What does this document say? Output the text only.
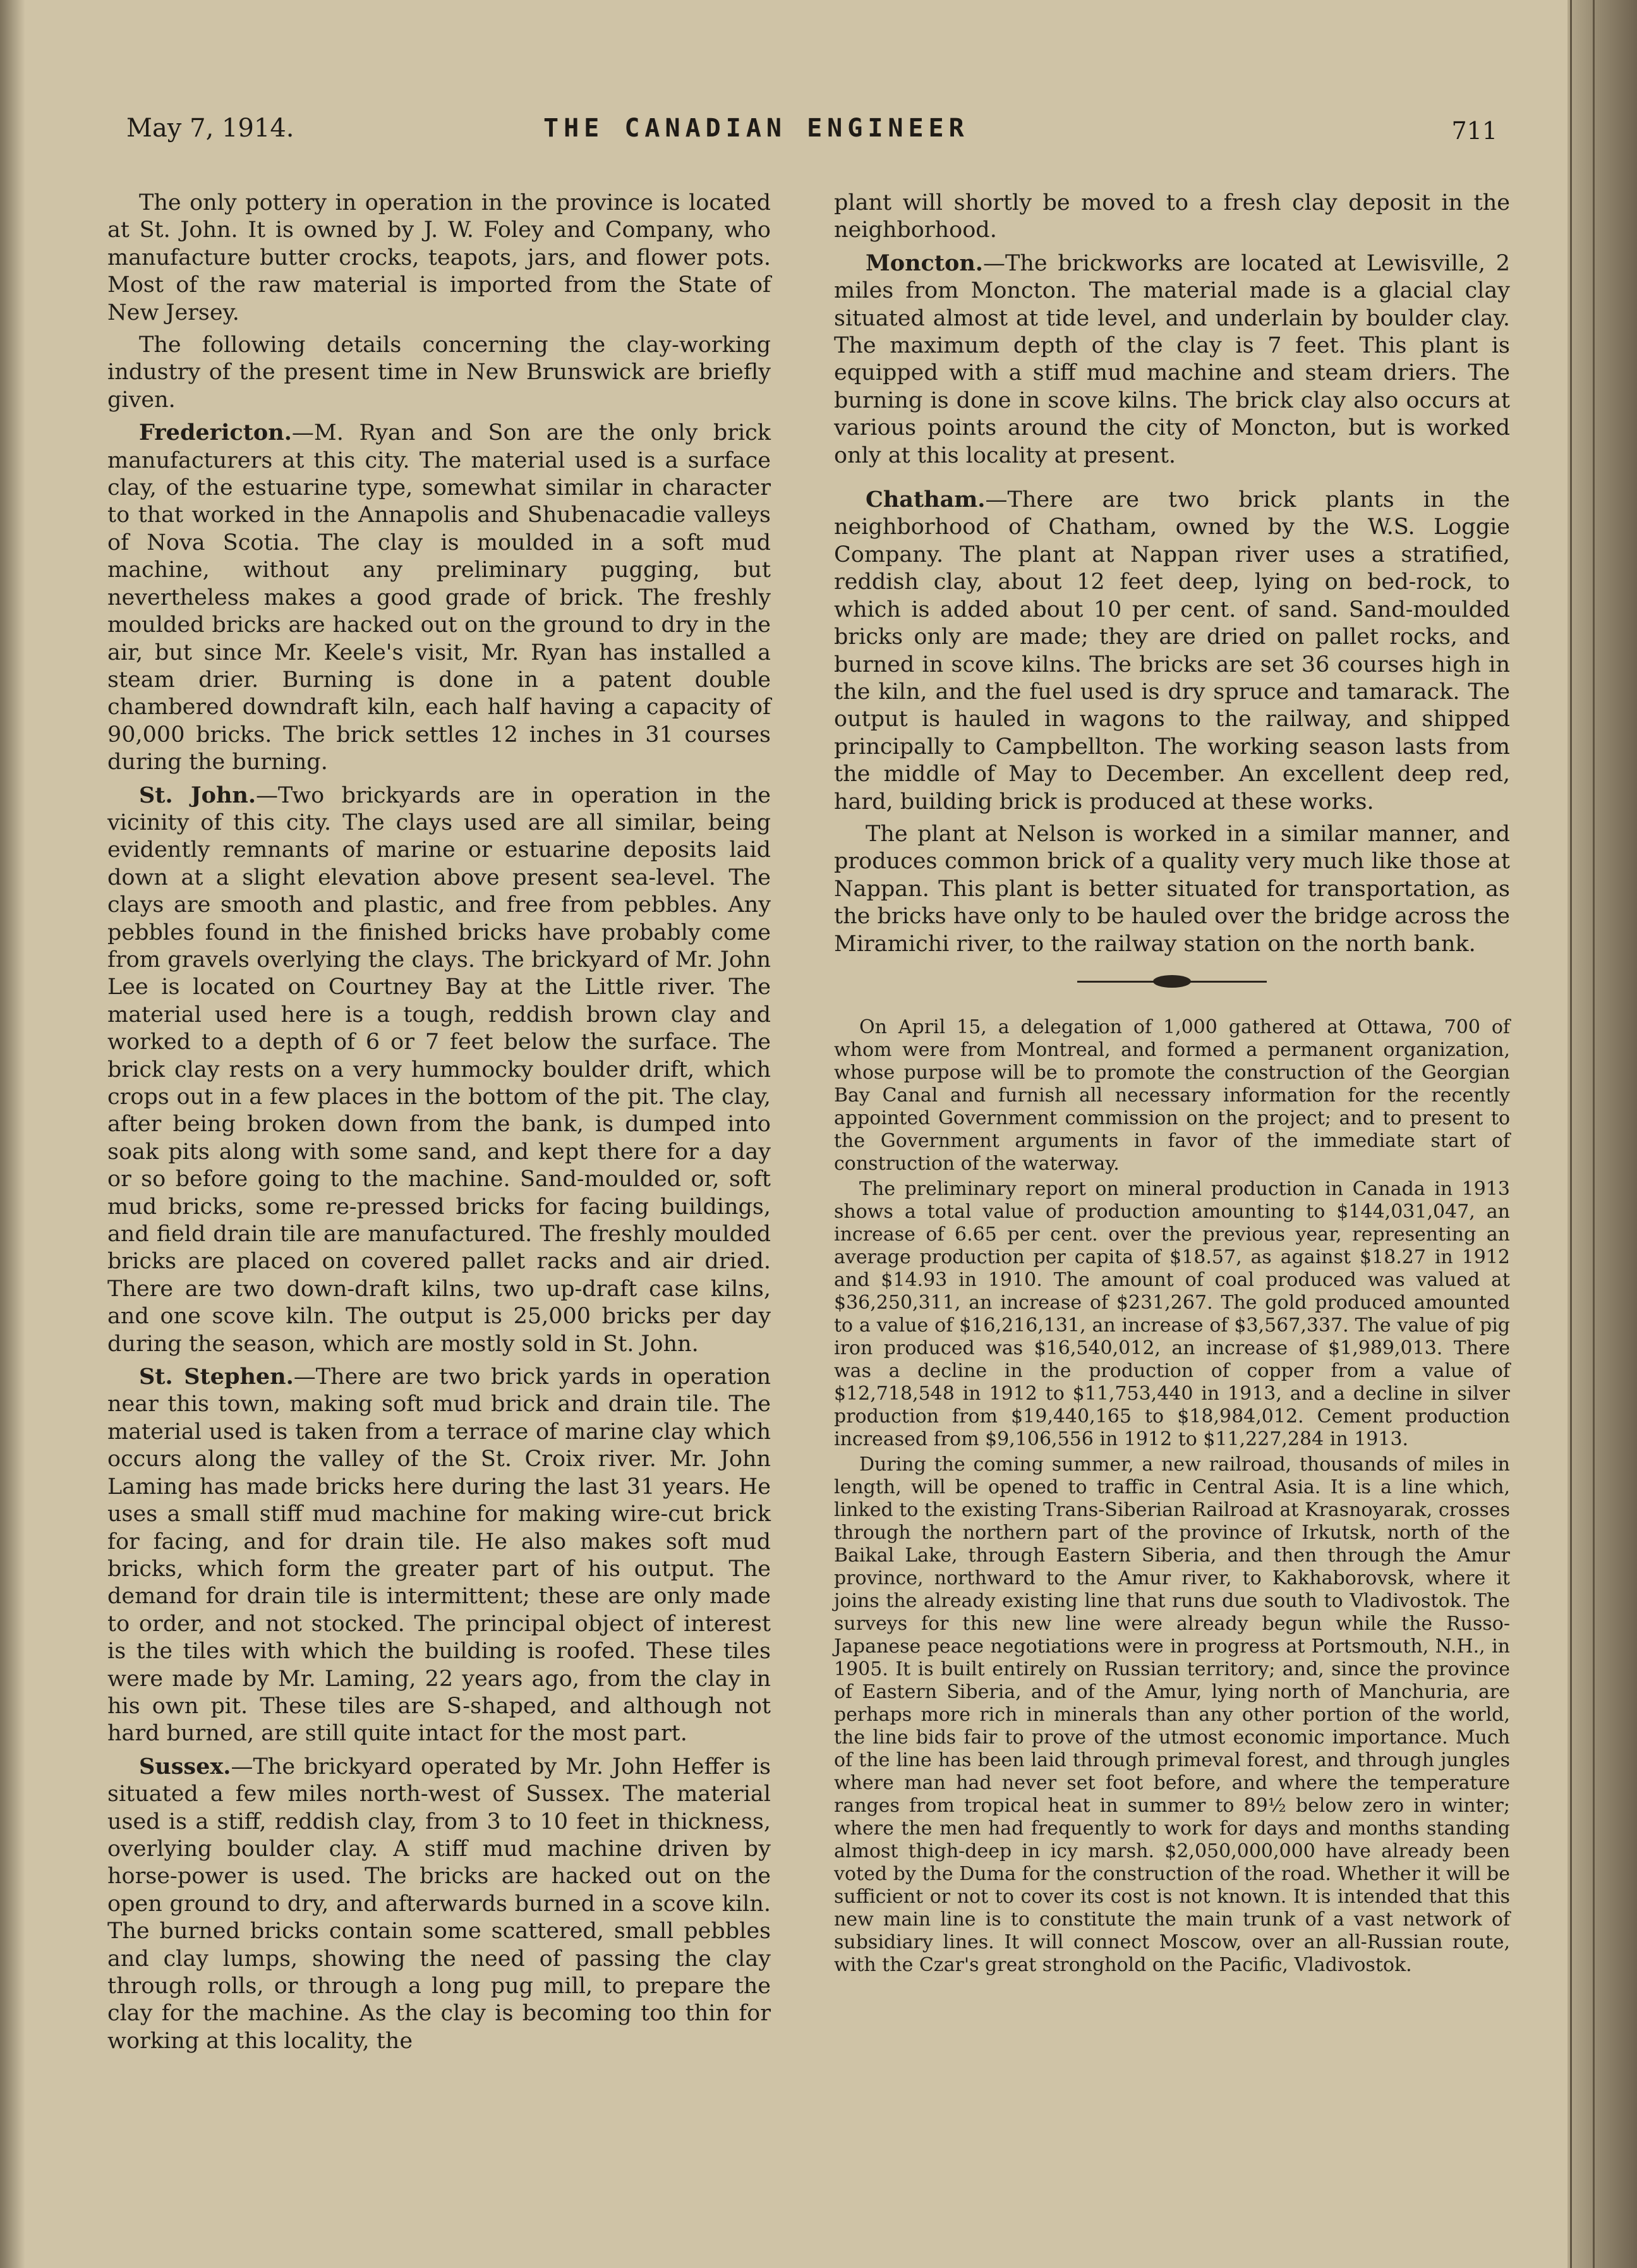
May 7, 1914.	THE CANADIAN ENGINEER	711

The only pottery in operation in the province is located at St. John. It is owned by J. W. Foley and Company, who manufacture butter crocks, teapots, jars, and flower pots. Most of the raw material is imported from the State of New Jersey.

The following details concerning the clay-working industry of the present time in New Brunswick are briefly given.

Fredericton.—M. Ryan and Son are the only brick manufacturers at this city. The material used is a surface clay, of the estuarine type, somewhat similar in character to that worked in the Annapolis and Shubenacadie valleys of Nova Scotia. The clay is moulded in a soft mud machine, without any preliminary pugging, but nevertheless makes a good grade of brick. The freshly moulded bricks are hacked out on the ground to dry in the air, but since Mr. Keele's visit, Mr. Ryan has installed a steam drier. Burning is done in a patent double chambered downdraft kiln, each half having a capacity of 90,000 bricks. The brick settles 12 inches in 31 courses during the burning.

St. John.—Two brickyards are in operation in the vicinity of this city. The clays used are all similar, being evidently remnants of marine or estuarine deposits laid down at a slight elevation above present sea-level. The clays are smooth and plastic, and free from pebbles. Any pebbles found in the finished bricks have probably come from gravels overlying the clays. The brickyard of Mr. John Lee is located on Courtney Bay at the Little river. The material used here is a tough, reddish brown clay and worked to a depth of 6 or 7 feet below the surface. The brick clay rests on a very hummocky boulder drift, which crops out in a few places in the bottom of the pit. The clay, after being broken down from the bank, is dumped into soak pits along with some sand, and kept there for a day or so before going to the machine. Sand-moulded or, soft mud bricks, some re-pressed bricks for facing buildings, and field drain tile are manufactured. The freshly moulded bricks are placed on covered pallet racks and air dried. There are two down-draft kilns, two up-draft case kilns, and one scove kiln. The output is 25,000 bricks per day during the season, which are mostly sold in St. John.

St. Stephen.—There are two brick yards in operation near this town, making soft mud brick and drain tile. The material used is taken from a terrace of marine clay which occurs along the valley of the St. Croix river. Mr. John Laming has made bricks here during the last 31 years. He uses a small stiff mud machine for making wire-cut brick for facing, and for drain tile. He also makes soft mud bricks, which form the greater part of his output. The demand for drain tile is intermittent; these are only made to order, and not stocked. The principal object of interest is the tiles with which the building is roofed. These tiles were made by Mr. Laming, 22 years ago, from the clay in his own pit. These tiles are S-shaped, and although not hard burned, are still quite intact for the most part.

Sussex.—The brickyard operated by Mr. John Heffer is situated a few miles north-west of Sussex. The material used is a stiff, reddish clay, from 3 to 10 feet in thickness, overlying boulder clay. A stiff mud machine driven by horse-power is used. The bricks are hacked out on the open ground to dry, and afterwards burned in a scove kiln. The burned bricks contain some scattered, small pebbles and clay lumps, showing the need of passing the clay through rolls, or through a long pug mill, to prepare the clay for the machine. As the clay is becoming too thin for working at this locality, the

plant will shortly be moved to a fresh clay deposit in the neighborhood.

Moncton.—The brickworks are located at Lewisville, 2 miles from Moncton. The material made is a glacial clay situated almost at tide level, and underlain by boulder clay. The maximum depth of the clay is 7 feet. This plant is equipped with a stiff mud machine and steam driers. The burning is done in scove kilns. The brick clay also occurs at various points around the city of Moncton, but is worked only at this locality at present.

Chatham.—There are two brick plants in the neighborhood of Chatham, owned by the W.S. Loggie Company. The plant at Nappan river uses a stratified, reddish clay, about 12 feet deep, lying on bed-rock, to which is added about 10 per cent. of sand. Sand-moulded bricks only are made; they are dried on pallet rocks, and burned in scove kilns. The bricks are set 36 courses high in the kiln, and the fuel used is dry spruce and tamarack. The output is hauled in wagons to the railway, and shipped principally to Campbellton. The working season lasts from the middle of May to December. An excellent deep red, hard, building brick is produced at these works.

The plant at Nelson is worked in a similar manner, and produces common brick of a quality very much like those at Nappan. This plant is better situated for transportation, as the bricks have only to be hauled over the bridge across the Miramichi river, to the railway station on the north bank.

On April 15, a delegation of 1,000 gathered at Ottawa, 700 of whom were from Montreal, and formed a permanent organization, whose purpose will be to promote the construction of the Georgian Bay Canal and furnish all necessary information for the recently appointed Government commission on the project; and to present to the Government arguments in favor of the immediate start of construction of the waterway.

The preliminary report on mineral production in Canada in 1913 shows a total value of production amounting to $144,031,047, an increase of 6.65 per cent. over the previous year, representing an average production per capita of $18.57, as against $18.27 in 1912 and $14.93 in 1910. The amount of coal produced was valued at $36,250,311, an increase of $231,267. The gold produced amounted to a value of $16,216,131, an increase of $3,567,337. The value of pig iron produced was $16,540,012, an increase of $1,989,013. There was a decline in the production of copper from a value of $12,718,548 in 1912 to $11,753,440 in 1913, and a decline in silver production from $19,440,165 to $18,984,012. Cement production increased from $9,106,556 in 1912 to $11,227,284 in 1913.

During the coming summer, a new railroad, thousands of miles in length, will be opened to traffic in Central Asia. It is a line which, linked to the existing Trans-Siberian Railroad at Krasnoyarak, crosses through the northern part of the province of Irkutsk, north of the Baikal Lake, through Eastern Siberia, and then through the Amur province, northward to the Amur river, to Kakhaborovsk, where it joins the already existing line that runs due south to Vladivostok. The surveys for this new line were already begun while the Russo-Japanese peace negotiations were in progress at Portsmouth, N.H., in 1905. It is built entirely on Russian territory; and, since the province of Eastern Siberia, and of the Amur, lying north of Manchuria, are perhaps more rich in minerals than any other portion of the world, the line bids fair to prove of the utmost economic importance. Much of the line has been laid through primeval forest, and through jungles where man had never set foot before, and where the temperature ranges from tropical heat in summer to 89½ below zero in winter; where the men had frequently to work for days and months standing almost thigh-deep in icy marsh. $2,050,000,000 have already been voted by the Duma for the construction of the road. Whether it will be sufficient or not to cover its cost is not known. It is intended that this new main line is to constitute the main trunk of a vast network of subsidiary lines. It will connect Moscow, over an all-Russian route, with the Czar's great stronghold on the Pacific, Vladivostok.
